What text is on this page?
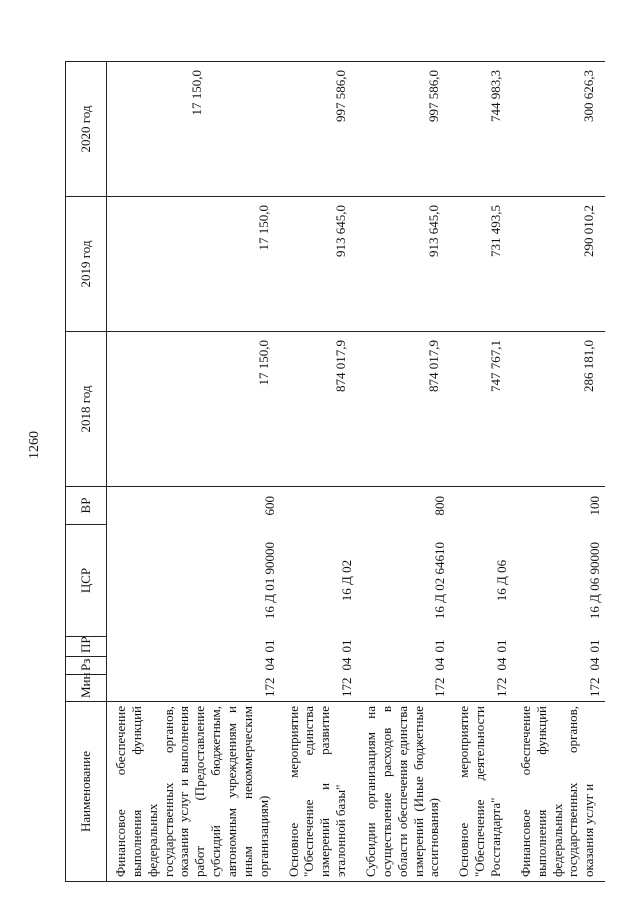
1260
Наименование	Мин	Рз	ПР	ЦСР	ВР	2018 год	2019 год	2020 год
Финансовое обеспечение выполнения функций федеральных государственных органов, оказания услуг и выполнения работ (Предоставление субсидий бюджетным, автономным учреждениям и иным некоммерческим организациям)	172	04	01	16 Д 01 90000	600	17 150,0	17 150,0	17 150,0
Основное мероприятие "Обеспечение единства измерений и развитие эталонной базы"	172	04	01	16 Д 02		874 017,9	913 645,0	997 586,0
Субсидии организациям на осуществление расходов в области обеспечения единства измерений (Иные бюджетные ассигнования)	172	04	01	16 Д 02 64610	800	874 017,9	913 645,0	997 586,0
Основное мероприятие "Обеспечение деятельности Росстандарта"	172	04	01	16 Д 06		747 767,1	731 493,5	744 983,3
Финансовое обеспечение выполнения функций федеральных государственных органов, оказания услуг и	172	04	01	16 Д 06 90000	100	286 181,0	290 010,2	300 626,3
